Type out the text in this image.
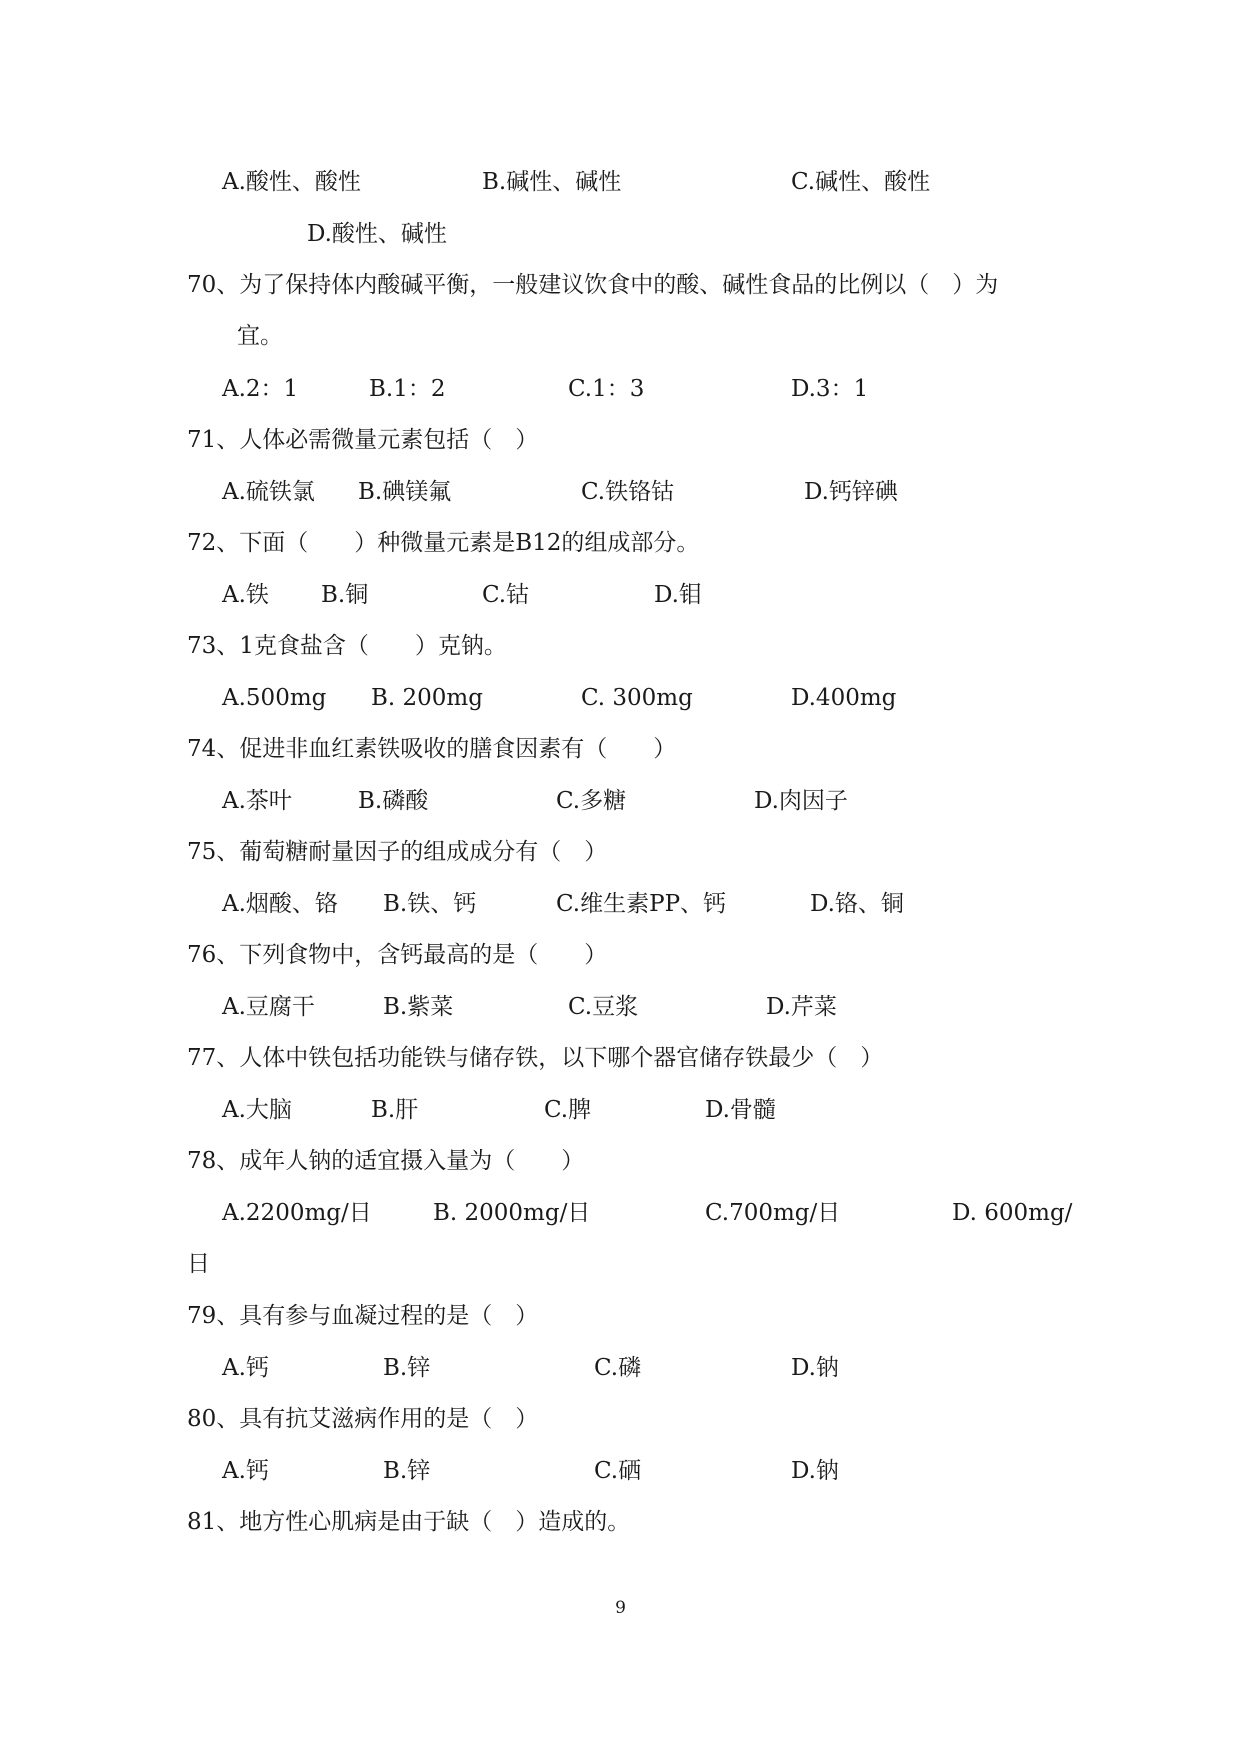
A.酸性、酸性	B.碱性、碱性	C.碱性、酸性
D.酸性、碱性
70、为了保持体内酸碱平衡，一般建议饮食中的酸、碱性食品的比例以（　）为
宜。
A.2：1	B.1：2	C.1：3	D.3：1
71、人体必需微量元素包括（　）
A.硫铁氯 B.碘镁氟	C.铁铬钴	D.钙锌碘
72、下面（　　）种微量元素是B12的组成部分。
A.铁 B.铜	C.钴	D.钼
73、1克食盐含（　　）克钠。
A.500mg B. 200mg	C. 300mg	D.400mg
74、促进非血红素铁吸收的膳食因素有（　　）
A.茶叶	B.磷酸	C.多糖	D.肉因子
75、葡萄糖耐量因子的组成成分有（　）
A.烟酸、铬 B.铁、钙	C.维生素PP、钙	D.铬、铜
76、下列食物中，含钙最高的是（　　）
A.豆腐干	B.紫菜	C.豆浆	D.芹菜
77、人体中铁包括功能铁与储存铁，以下哪个器官储存铁最少（　）
A.大脑	B.肝	C.脾	D.骨髓
78、成年人钠的适宜摄入量为（　　）
A.2200mg/日	B. 2000mg/日	C.700mg/日	D. 600mg/
日
79、具有参与血凝过程的是（　）
A.钙	B.锌	C.磷	D.钠
80、具有抗艾滋病作用的是（　）
A.钙	B.锌	C.硒	D.钠
81、地方性心肌病是由于缺（　）造成的。
9
